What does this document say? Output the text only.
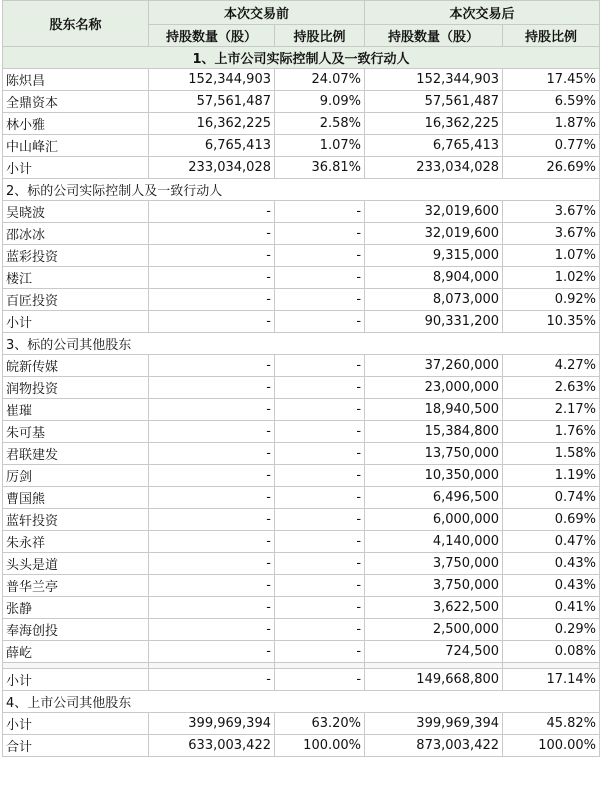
股东名称	本次交易前		本次交易后	
	持股数量（股）	持股比例	持股数量（股）	持股比例
1、上市公司实际控制人及一致行动人				
陈炽昌	152,344,903	24.07%	152,344,903	17.45%
全鼎资本	57,561,487	9.09%	57,561,487	6.59%
林小雅	16,362,225	2.58%	16,362,225	1.87%
中山峰汇	6,765,413	1.07%	6,765,413	0.77%
小计	233,034,028	36.81%	233,034,028	26.69%
2、标的公司实际控制人及一致行动人				
吴晓波	-	-	32,019,600	3.67%
邵冰冰	-	-	32,019,600	3.67%
蓝彩投资	-	-	9,315,000	1.07%
楼江	-	-	8,904,000	1.02%
百匠投资	-	-	8,073,000	0.92%
小计	-	-	90,331,200	10.35%
3、标的公司其他股东				
皖新传媒	-	-	37,260,000	4.27%
润物投资	-	-	23,000,000	2.63%
崔璀	-	-	18,940,500	2.17%
朱可基	-	-	15,384,800	1.76%
君联建发	-	-	13,750,000	1.58%
厉剑	-	-	10,350,000	1.19%
曹国熊	-	-	6,496,500	0.74%
蓝轩投资	-	-	6,000,000	0.69%
朱永祥	-	-	4,140,000	0.47%
头头是道	-	-	3,750,000	0.43%
普华兰亭	-	-	3,750,000	0.43%
张静	-	-	3,622,500	0.41%
奉海创投	-	-	2,500,000	0.29%
薛屹	-	-	724,500	0.08%

小计	-	-	149,668,800	17.14%
4、上市公司其他股东				
小计	399,969,394	63.20%	399,969,394	45.82%
合计	633,003,422	100.00%	873,003,422	100.00%
